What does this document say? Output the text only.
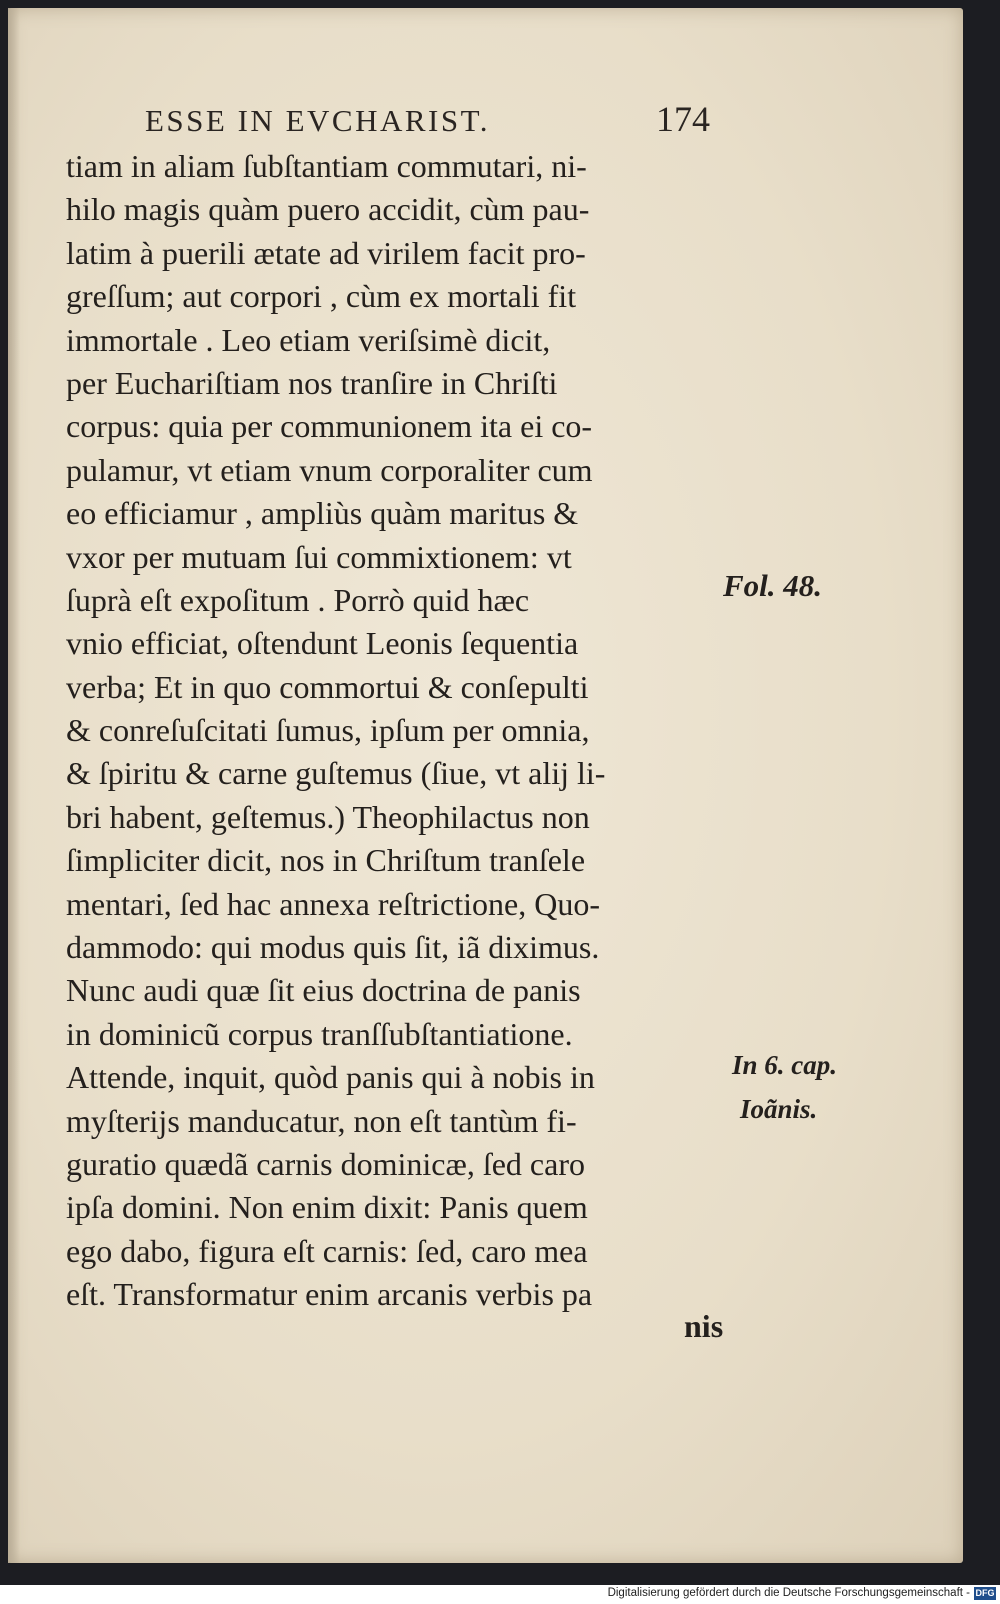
ESSE IN EVCHARIST.	174
tiam in aliam ſubſtantiam commutari, ni-
hilo magis quàm puero accidit, cùm pau-
latim à puerili ætate ad virilem facit pro-
greſſum; aut corpori , cùm ex mortali fit
immortale . Leo etiam veriſsimè dicit,
per Euchariſtiam nos tranſire in Chriſti
corpus: quia per communionem ita ei co-
pulamur, vt etiam vnum corporaliter cum
eo efficiamur , ampliùs quàm maritus &
vxor per mutuam ſui commixtionem: vt
ſuprà eſt expoſitum . Porrò quid hæc
vnio efficiat, oſtendunt Leonis ſequentia
verba; Et in quo commortui & conſepulti
& conreſuſcitati ſumus, ipſum per omnia,
& ſpiritu & carne guſtemus (ſiue, vt alij li-
bri habent, geſtemus.) Theophilactus non
ſimpliciter dicit, nos in Chriſtum tranſele
mentari, ſed hac annexa reſtrictione, Quo-
dammodo: qui modus quis ſit, iã diximus.
Nunc audi quæ ſit eius doctrina de panis
in dominicũ corpus tranſſubſtantiatione.
Attende, inquit, quòd panis qui à nobis in
myſterijs manducatur, non eſt tantùm fi-
guratio quædã carnis dominicæ, ſed caro
ipſa domini. Non enim dixit: Panis quem
ego dabo, figura eſt carnis: ſed, caro mea
eſt. Transformatur enim arcanis verbis pa
nis
Fol. 48.
In 6. cap.
Ioãnis.
Digitalisierung gefördert durch die Deutsche Forschungsgemeinschaft - DFG
